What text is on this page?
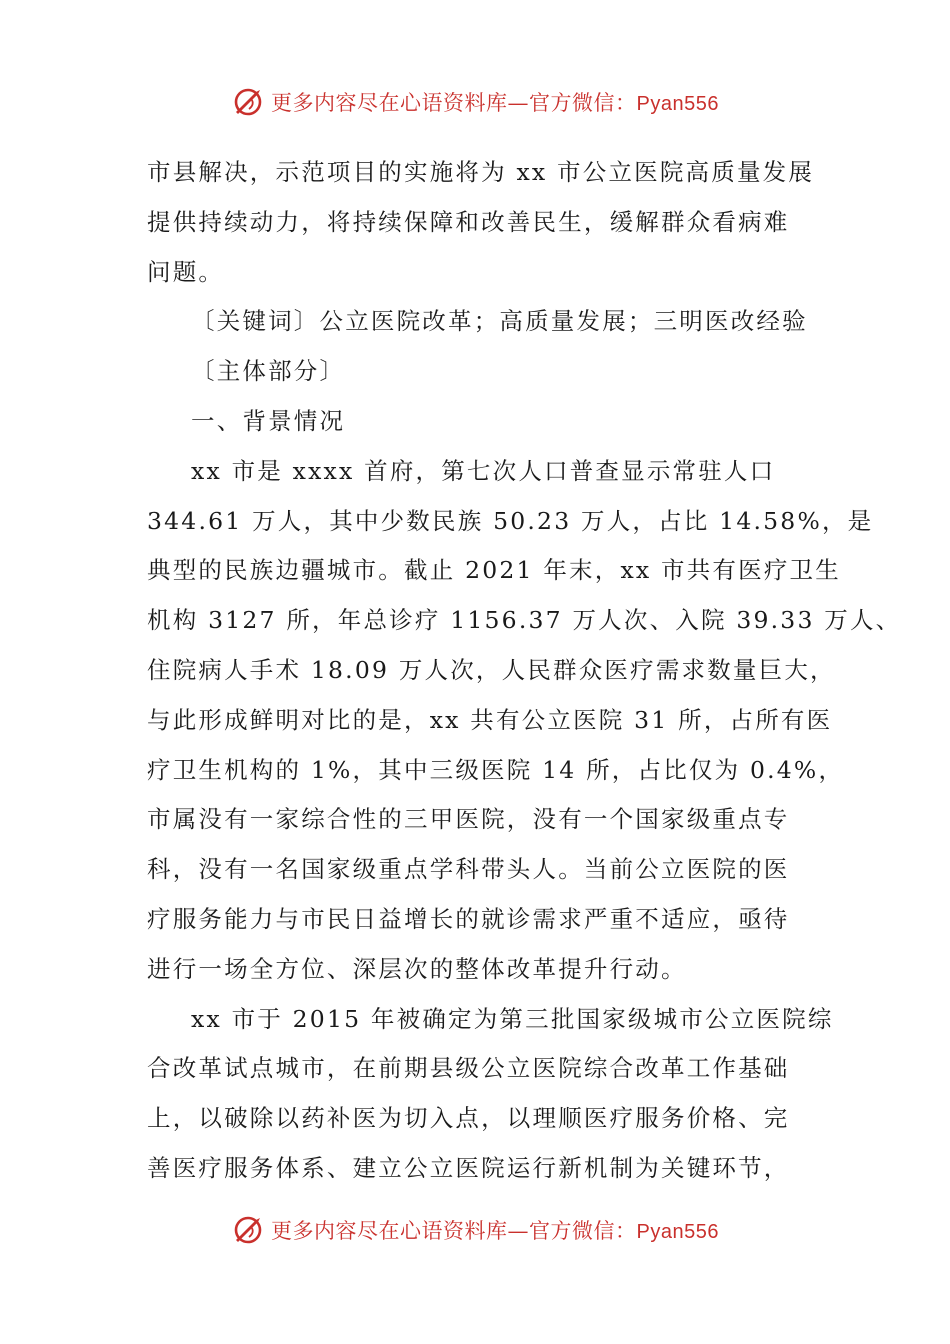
更多内容尽在心语资料库—官方微信：Pyan556
市县解决，示范项目的实施将为 xx 市公立医院高质量发展
提供持续动力，将持续保障和改善民生，缓解群众看病难
问题。
〔关键词〕公立医院改革；高质量发展；三明医改经验
〔主体部分〕
一、背景情况
xx 市是 xxxx 首府，第七次人口普查显示常驻人口
344.61 万人，其中少数民族 50.23 万人，占比 14.58%，是
典型的民族边疆城市。截止 2021 年末，xx 市共有医疗卫生
机构 3127 所，年总诊疗 1156.37 万人次、入院 39.33 万人、
住院病人手术 18.09 万人次，人民群众医疗需求数量巨大，
与此形成鲜明对比的是，xx 共有公立医院 31 所，占所有医
疗卫生机构的 1%，其中三级医院 14 所，占比仅为 0.4%，
市属没有一家综合性的三甲医院，没有一个国家级重点专
科，没有一名国家级重点学科带头人。当前公立医院的医
疗服务能力与市民日益增长的就诊需求严重不适应，亟待
进行一场全方位、深层次的整体改革提升行动。
xx 市于 2015 年被确定为第三批国家级城市公立医院综
合改革试点城市，在前期县级公立医院综合改革工作基础
上，以破除以药补医为切入点，以理顺医疗服务价格、完
善医疗服务体系、建立公立医院运行新机制为关键环节，
更多内容尽在心语资料库—官方微信：Pyan556
